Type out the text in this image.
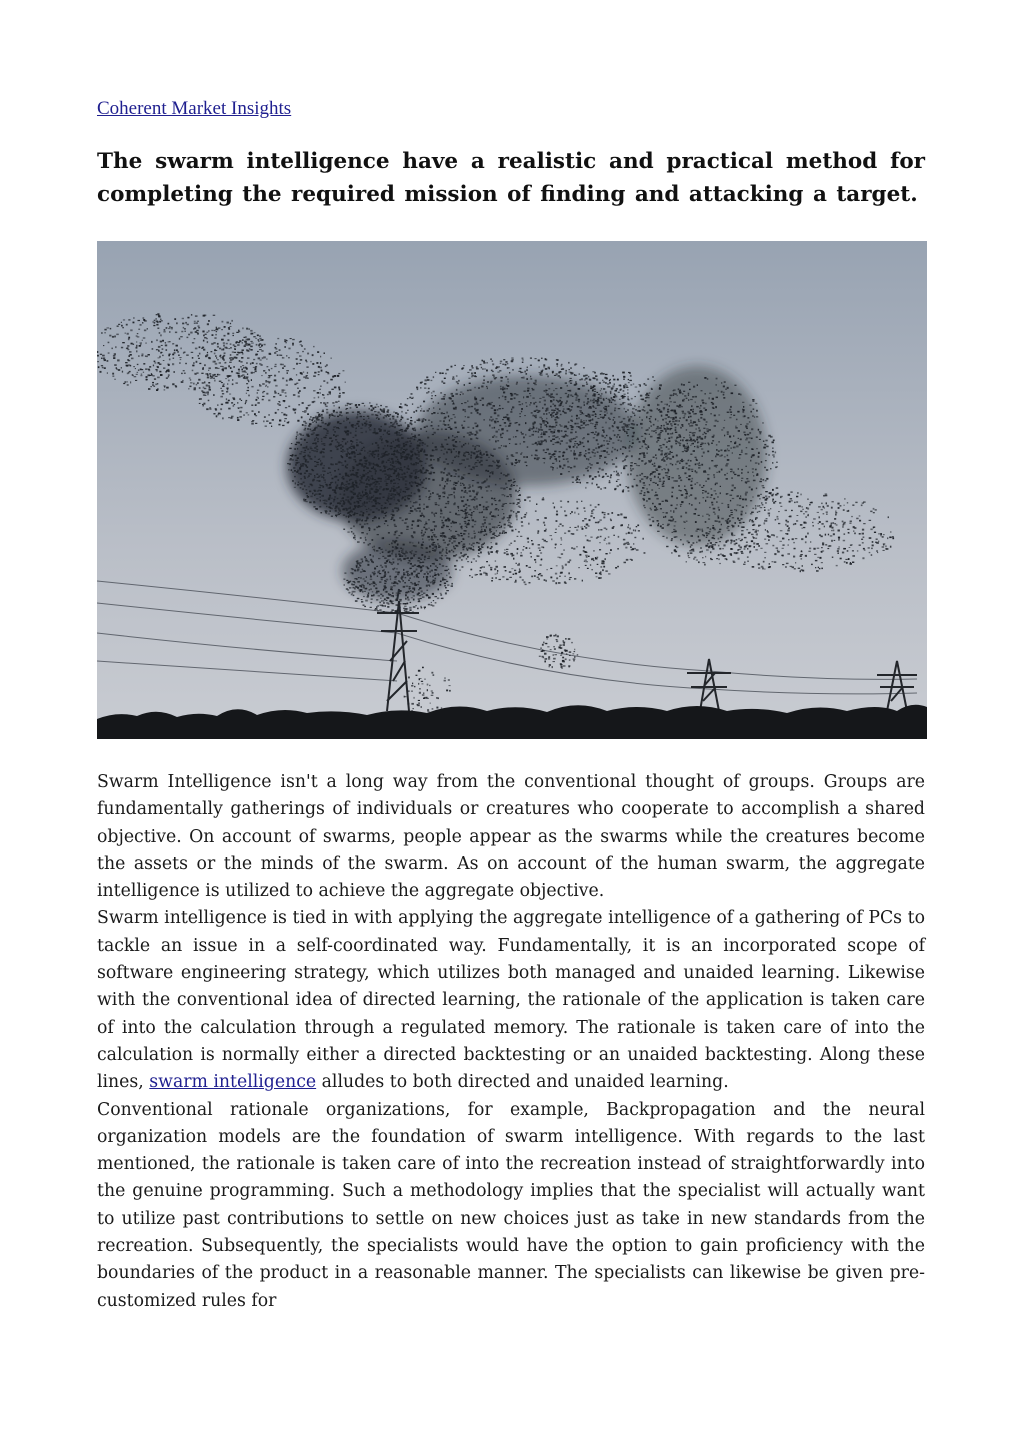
Coherent Market Insights
The swarm intelligence have a realistic and practical method for completing the required mission of finding and attacking a target.

Swarm Intelligence isn't a long way from the conventional thought of groups. Groups are fundamentally gatherings of individuals or creatures who cooperate to accomplish a shared objective. On account of swarms, people appear as the swarms while the creatures become the assets or the minds of the swarm. As on account of the human swarm, the aggregate intelligence is utilized to achieve the aggregate objective.

Swarm intelligence is tied in with applying the aggregate intelligence of a gathering of PCs to tackle an issue in a self-coordinated way. Fundamentally, it is an incorporated scope of software engineering strategy, which utilizes both managed and unaided learning. Likewise with the conventional idea of directed learning, the rationale of the application is taken care of into the calculation through a regulated memory. The rationale is taken care of into the calculation is normally either a directed backtesting or an unaided backtesting. Along these lines, swarm intelligence alludes to both directed and unaided learning.

Conventional rationale organizations, for example, Backpropagation and the neural organization models are the foundation of swarm intelligence. With regards to the last mentioned, the rationale is taken care of into the recreation instead of straightforwardly into the genuine programming. Such a methodology implies that the specialist will actually want to utilize past contributions to settle on new choices just as take in new standards from the recreation. Subsequently, the specialists would have the option to gain proficiency with the boundaries of the product in a reasonable manner. The specialists can likewise be given pre-customized rules for
